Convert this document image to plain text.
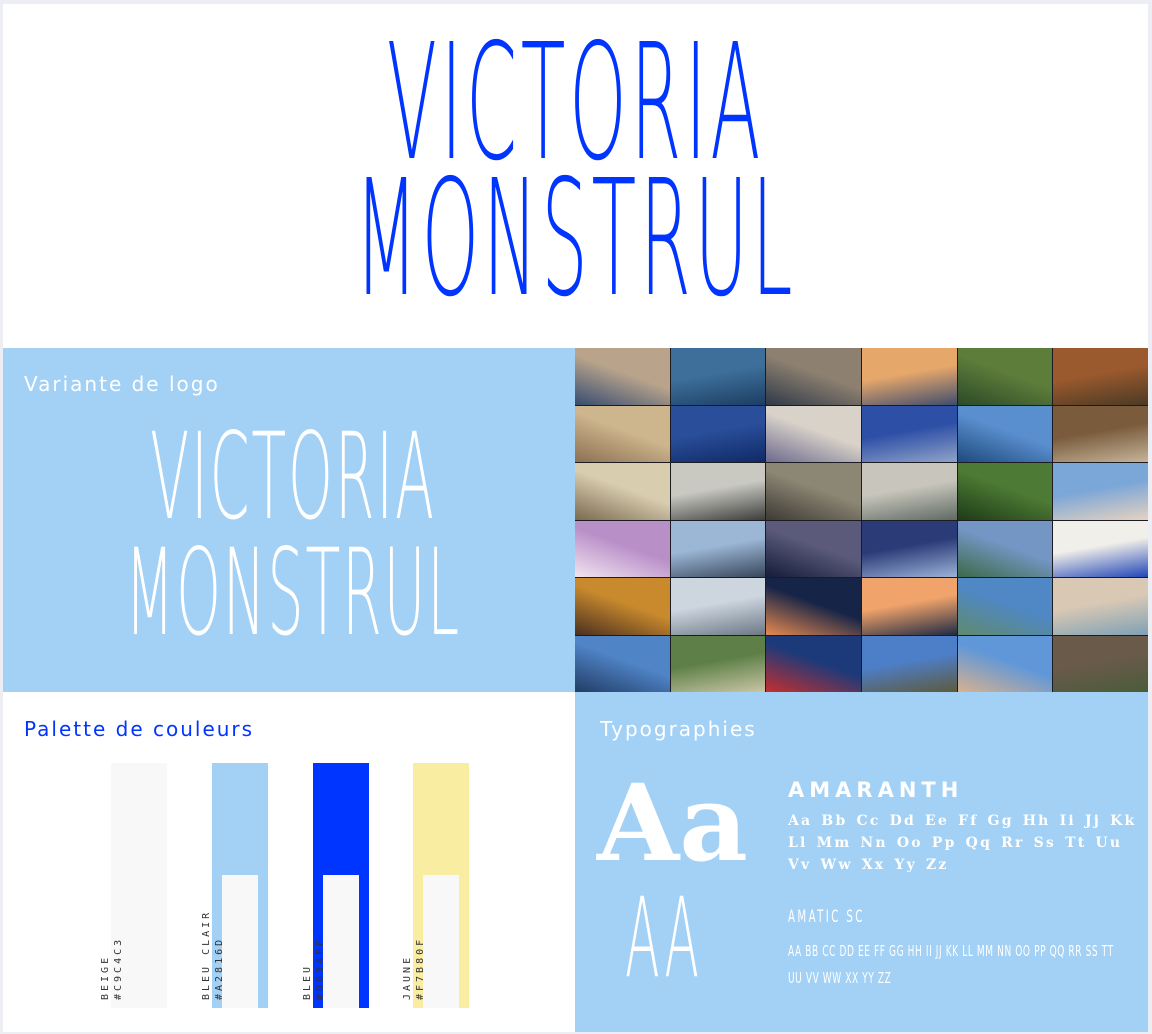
VICTORIA
MONSTRUL
Variante de logo
VICTORIA
MONSTRUL
Palette de couleurs
BEIGE #C9C4C3	BLEU CLAIR #A2816D	BLEU #0034FF	JAUNE #F7B80F
Typographies
Aa
AA
AMARANTH
Aa Bb Cc Dd Ee Ff Gg Hh Ii Jj Kk Ll Mm Nn Oo Pp Qq Rr Ss Tt Uu Vv Ww Xx Yy Zz
AMATIC SC
AA BB CC DD EE FF GG HH II JJ KK LL MM NN OO PP QQ RR SS TT UU VV WW XX YY ZZ
